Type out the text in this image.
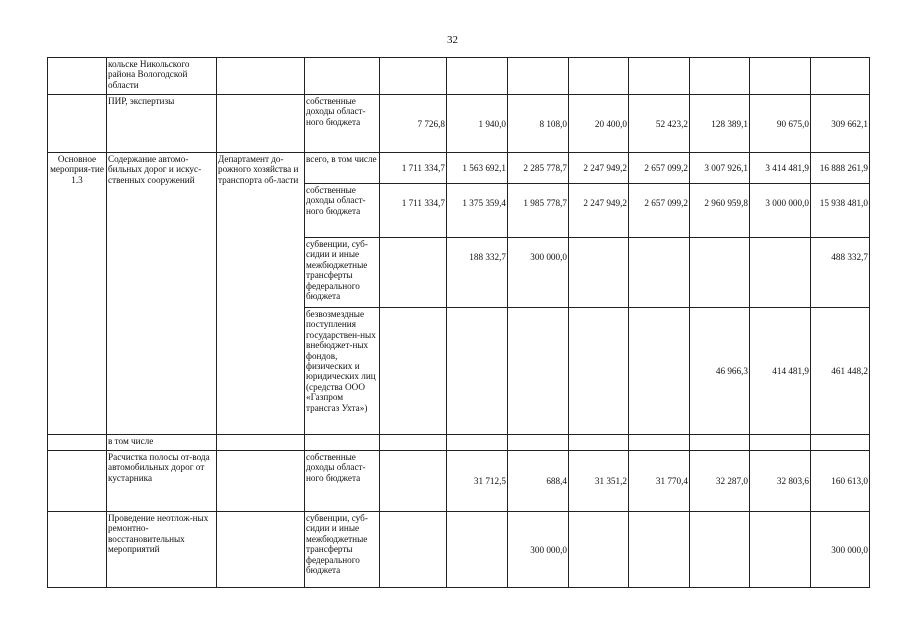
32
	кольске Никольского района Вологодской области										
	ПИР, экспертизы		собственные доходы област-ного бюджета	7 726,8	1 940,0	8 108,0	20 400,0	52 423,2	128 389,1	90 675,0	309 662,1
Основное мероприя-тие 1.3	Содержание автомо-бильных дорог и искус-ственных сооружений	Департамент до-рожного хозяйства и транспорта об-ласти	всего, в том числе	1 711 334,7	1 563 692,1	2 285 778,7	2 247 949,2	2 657 099,2	3 007 926,1	3 414 481,9	16 888 261,9
			собственные доходы област-ного бюджета	1 711 334,7	1 375 359,4	1 985 778,7	2 247 949,2	2 657 099,2	2 960 959,8	3 000 000,0	15 938 481,0
			субвенции, суб-сидии и иные межбюджетные трансферты федерального бюджета		188 332,7	300 000,0					488 332,7
			безвозмездные поступления государствен-ных внебюджет-ных фондов, физических и юридических лиц (средства ООО «Газпром трансгаз Ухта»)						46 966,3	414 481,9	461 448,2
	в том числе										
	Расчистка полосы от-вода автомобильных дорог от кустарника		собственные доходы област-ного бюджета		31 712,5	688,4	31 351,2	31 770,4	32 287,0	32 803,6	160 613,0
	Проведение неотлож-ных ремонтно-восстановительных мероприятий		субвенции, суб-сидии и иные межбюджетные трансферты федерального бюджета			300 000,0					300 000,0
